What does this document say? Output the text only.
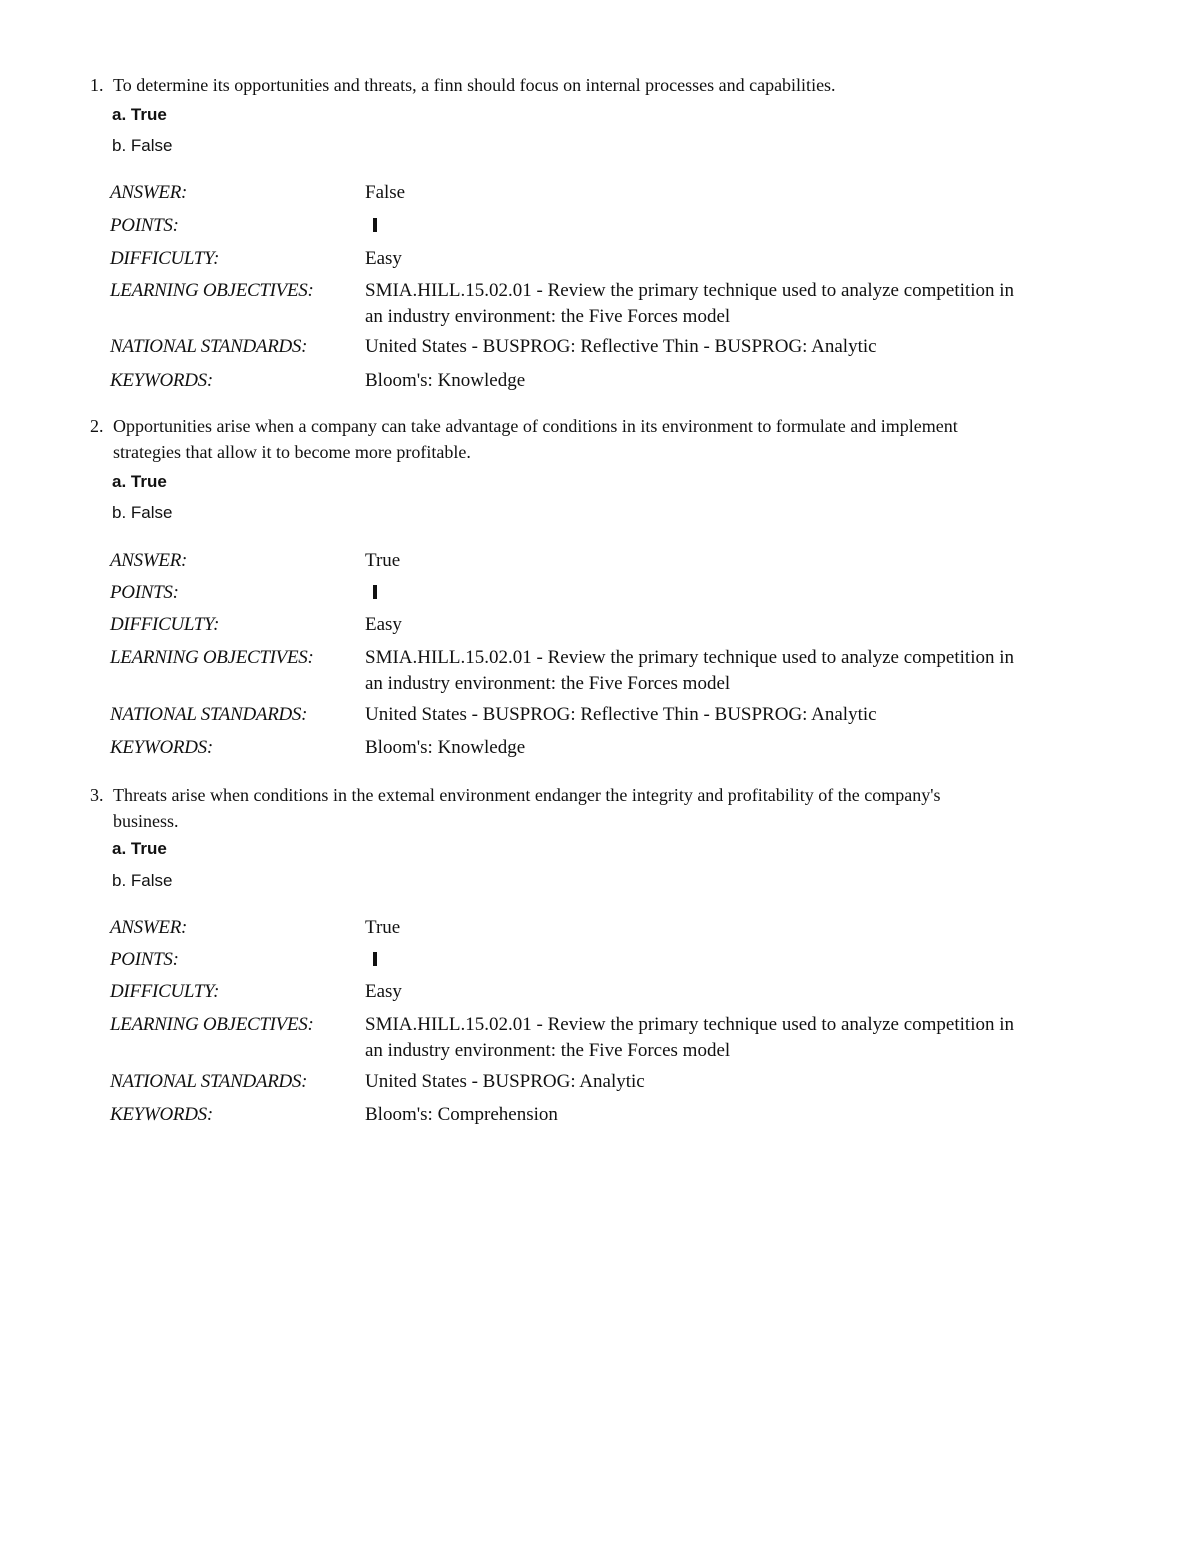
1. To determine its opportunities and threats, a finn should focus on internal processes and capabilities.
a. True
b. False
ANSWER:	False
POINTS:
DIFFICULTY:	Easy
LEARNING OBJECTIVES:	SMIA.HILL.15.02.01 - Review the primary technique used to analyze competition in
an industry environment: the Five Forces model
NATIONAL STANDARDS:	United States - BUSPROG: Reflective Thin - BUSPROG: Analytic
KEYWORDS:	Bloom's: Knowledge
2. Opportunities arise when a company can take advantage of conditions in its environment to formulate and implement
strategies that allow it to become more profitable.
a. True
b. False
ANSWER:	True
POINTS:
DIFFICULTY:	Easy
LEARNING OBJECTIVES:	SMIA.HILL.15.02.01 - Review the primary technique used to analyze competition in
an industry environment: the Five Forces model
NATIONAL STANDARDS:	United States - BUSPROG: Reflective Thin - BUSPROG: Analytic
KEYWORDS:	Bloom's: Knowledge
3. Threats arise when conditions in the extemal environment endanger the integrity and profitability of the company's
business.
a. True
b. False
ANSWER:	True
POINTS:
DIFFICULTY:	Easy
LEARNING OBJECTIVES:	SMIA.HILL.15.02.01 - Review the primary technique used to analyze competition in
an industry environment: the Five Forces model
NATIONAL STANDARDS:	United States - BUSPROG: Analytic
KEYWORDS:	Bloom's: Comprehension
